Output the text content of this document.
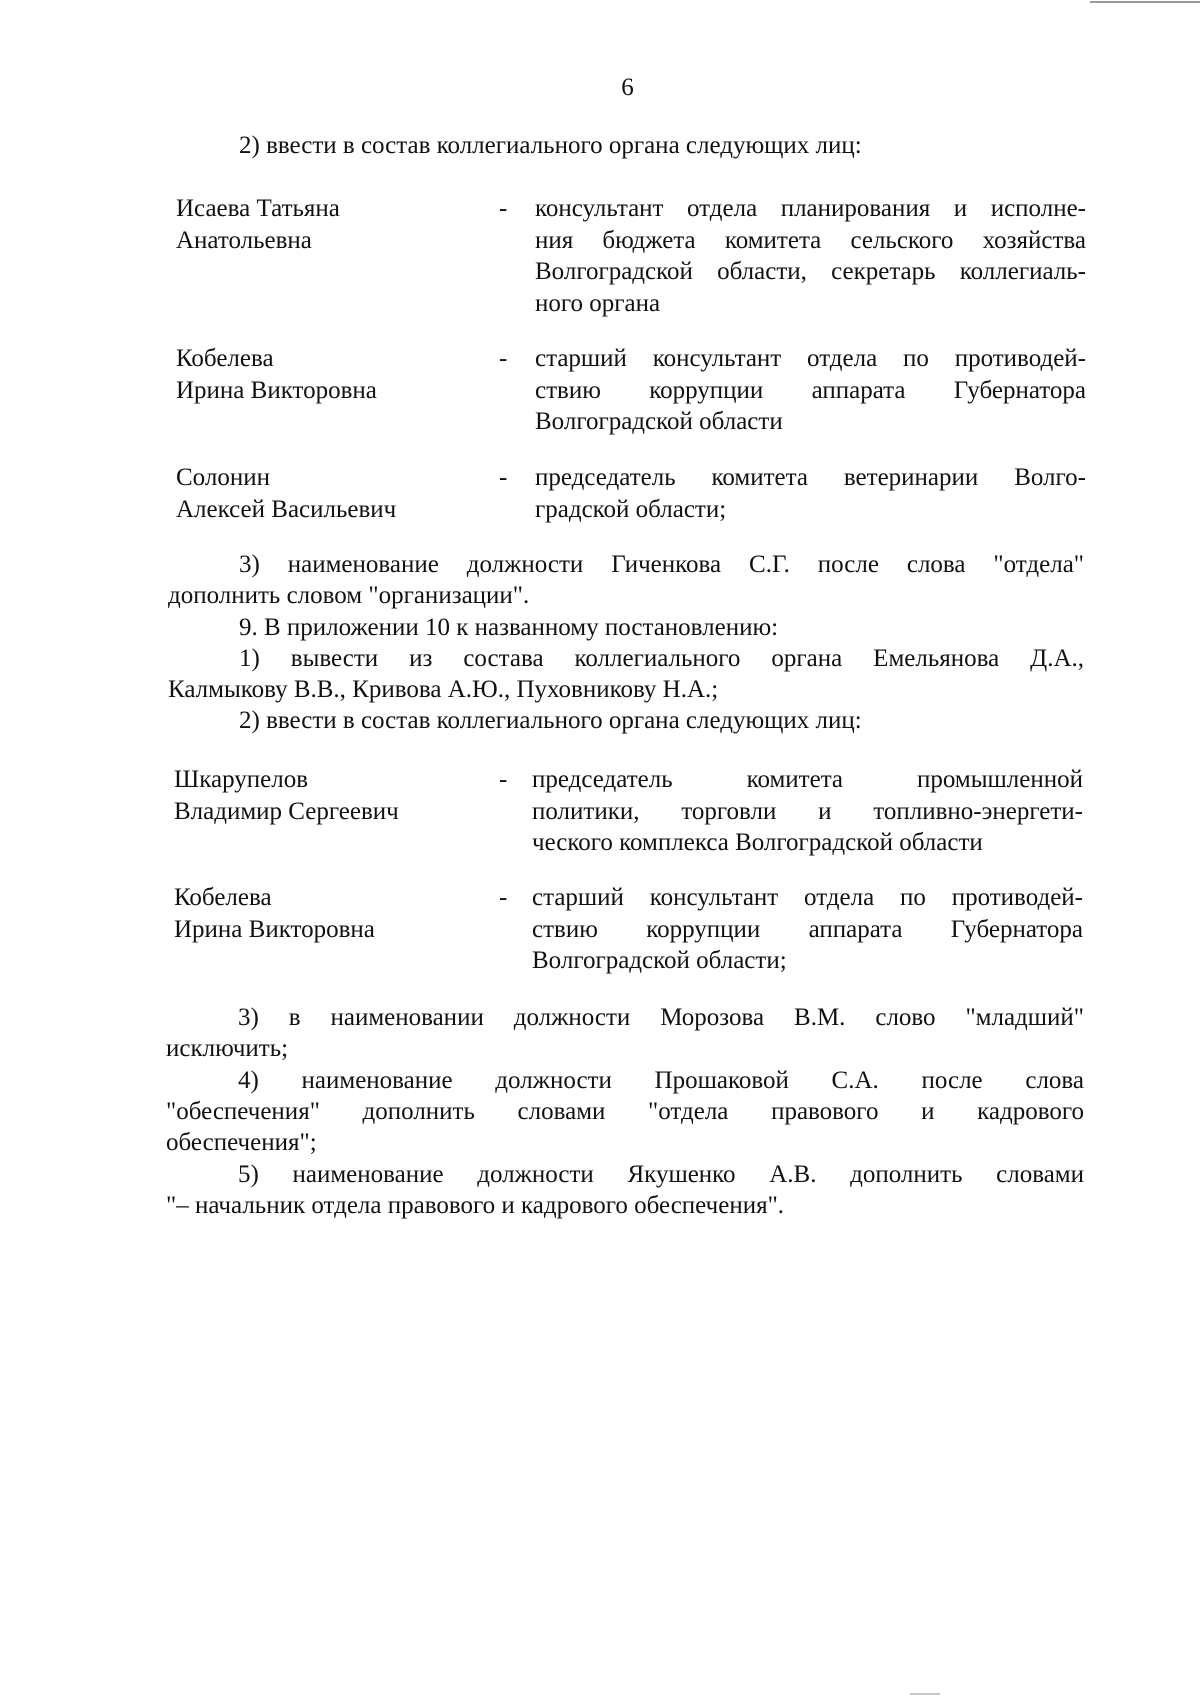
6

2) ввести в состав коллегиального органа следующих лиц:

Исаева Татьяна
Анатольевна
- консультант отдела планирования и исполне-
ния бюджета комитета сельского хозяйства
Волгоградской области, секретарь коллегиаль-
ного органа
Кобелева
Ирина Викторовна
- старший консультант отдела по противодей-
ствию коррупции аппарата Губернатора
Волгоградской области
Солонин
Алексей Васильевич
- председатель комитета ветеринарии Волго-
градской области;
3) наименование должности Гиченкова С.Г. после слова "отдела"
дополнить словом "организации".

9. В приложении 10 к названному постановлению:

1) вывести из состава коллегиального органа Емельянова Д.А.,
Калмыкову В.В., Кривова А.Ю., Пуховникову Н.А.;

2) ввести в состав коллегиального органа следующих лиц:

Шкарупелов
Владимир Сергеевич
- председатель комитета промышленной
политики, торговли и топливно-энергети-
ческого комплекса Волгоградской области
Кобелева
Ирина Викторовна
- старший консультант отдела по противодей-
ствию коррупции аппарата Губернатора
Волгоградской области;
3) в наименовании должности Морозова В.М. слово "младший"
исключить;
4) наименование должности Прошаковой С.А. после слова
"обеспечения" дополнить словами "отдела правового и кадрового
обеспечения";
5) наименование должности Якушенко А.В. дополнить словами
"– начальник отдела правового и кадрового обеспечения".
